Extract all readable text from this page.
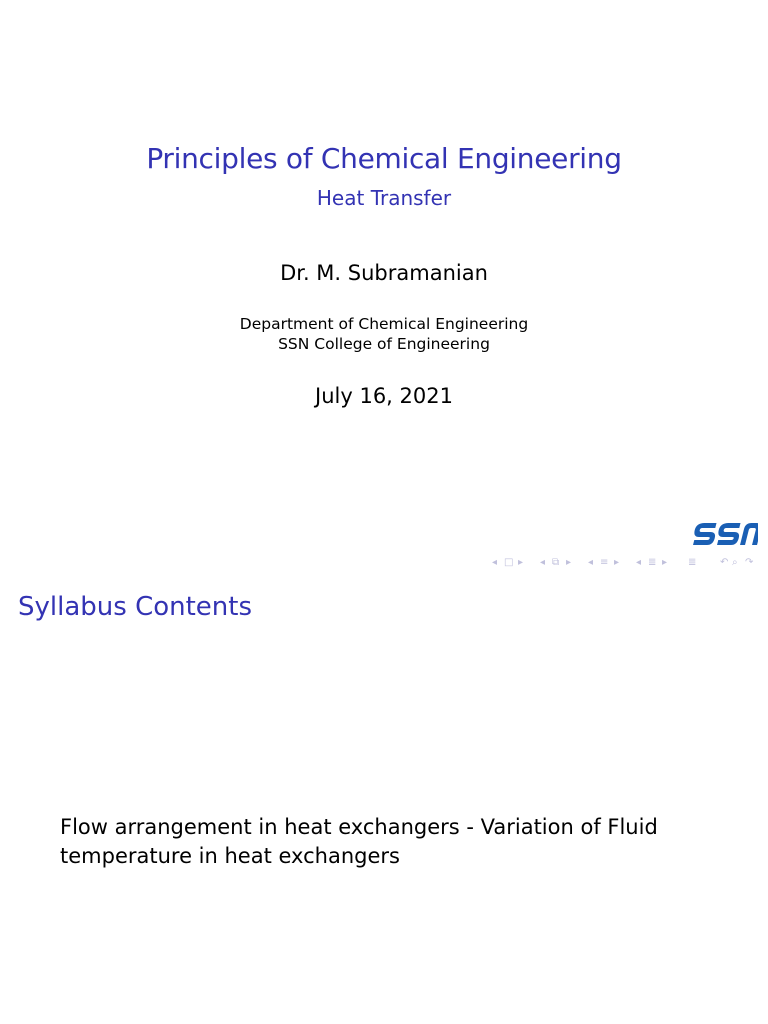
Principles of Chemical Engineering
Heat Transfer
Dr. M. Subramanian
Department of Chemical Engineering
SSN College of Engineering
July 16, 2021
◂ □ ▸ ◂ ⧉ ▸ ◂ ≡ ▸ ◂ ≣ ▸ ≣ ↶ ⌕ ↷
Syllabus Contents
Flow arrangement in heat exchangers - Variation of Fluid
temperature in heat exchangers
